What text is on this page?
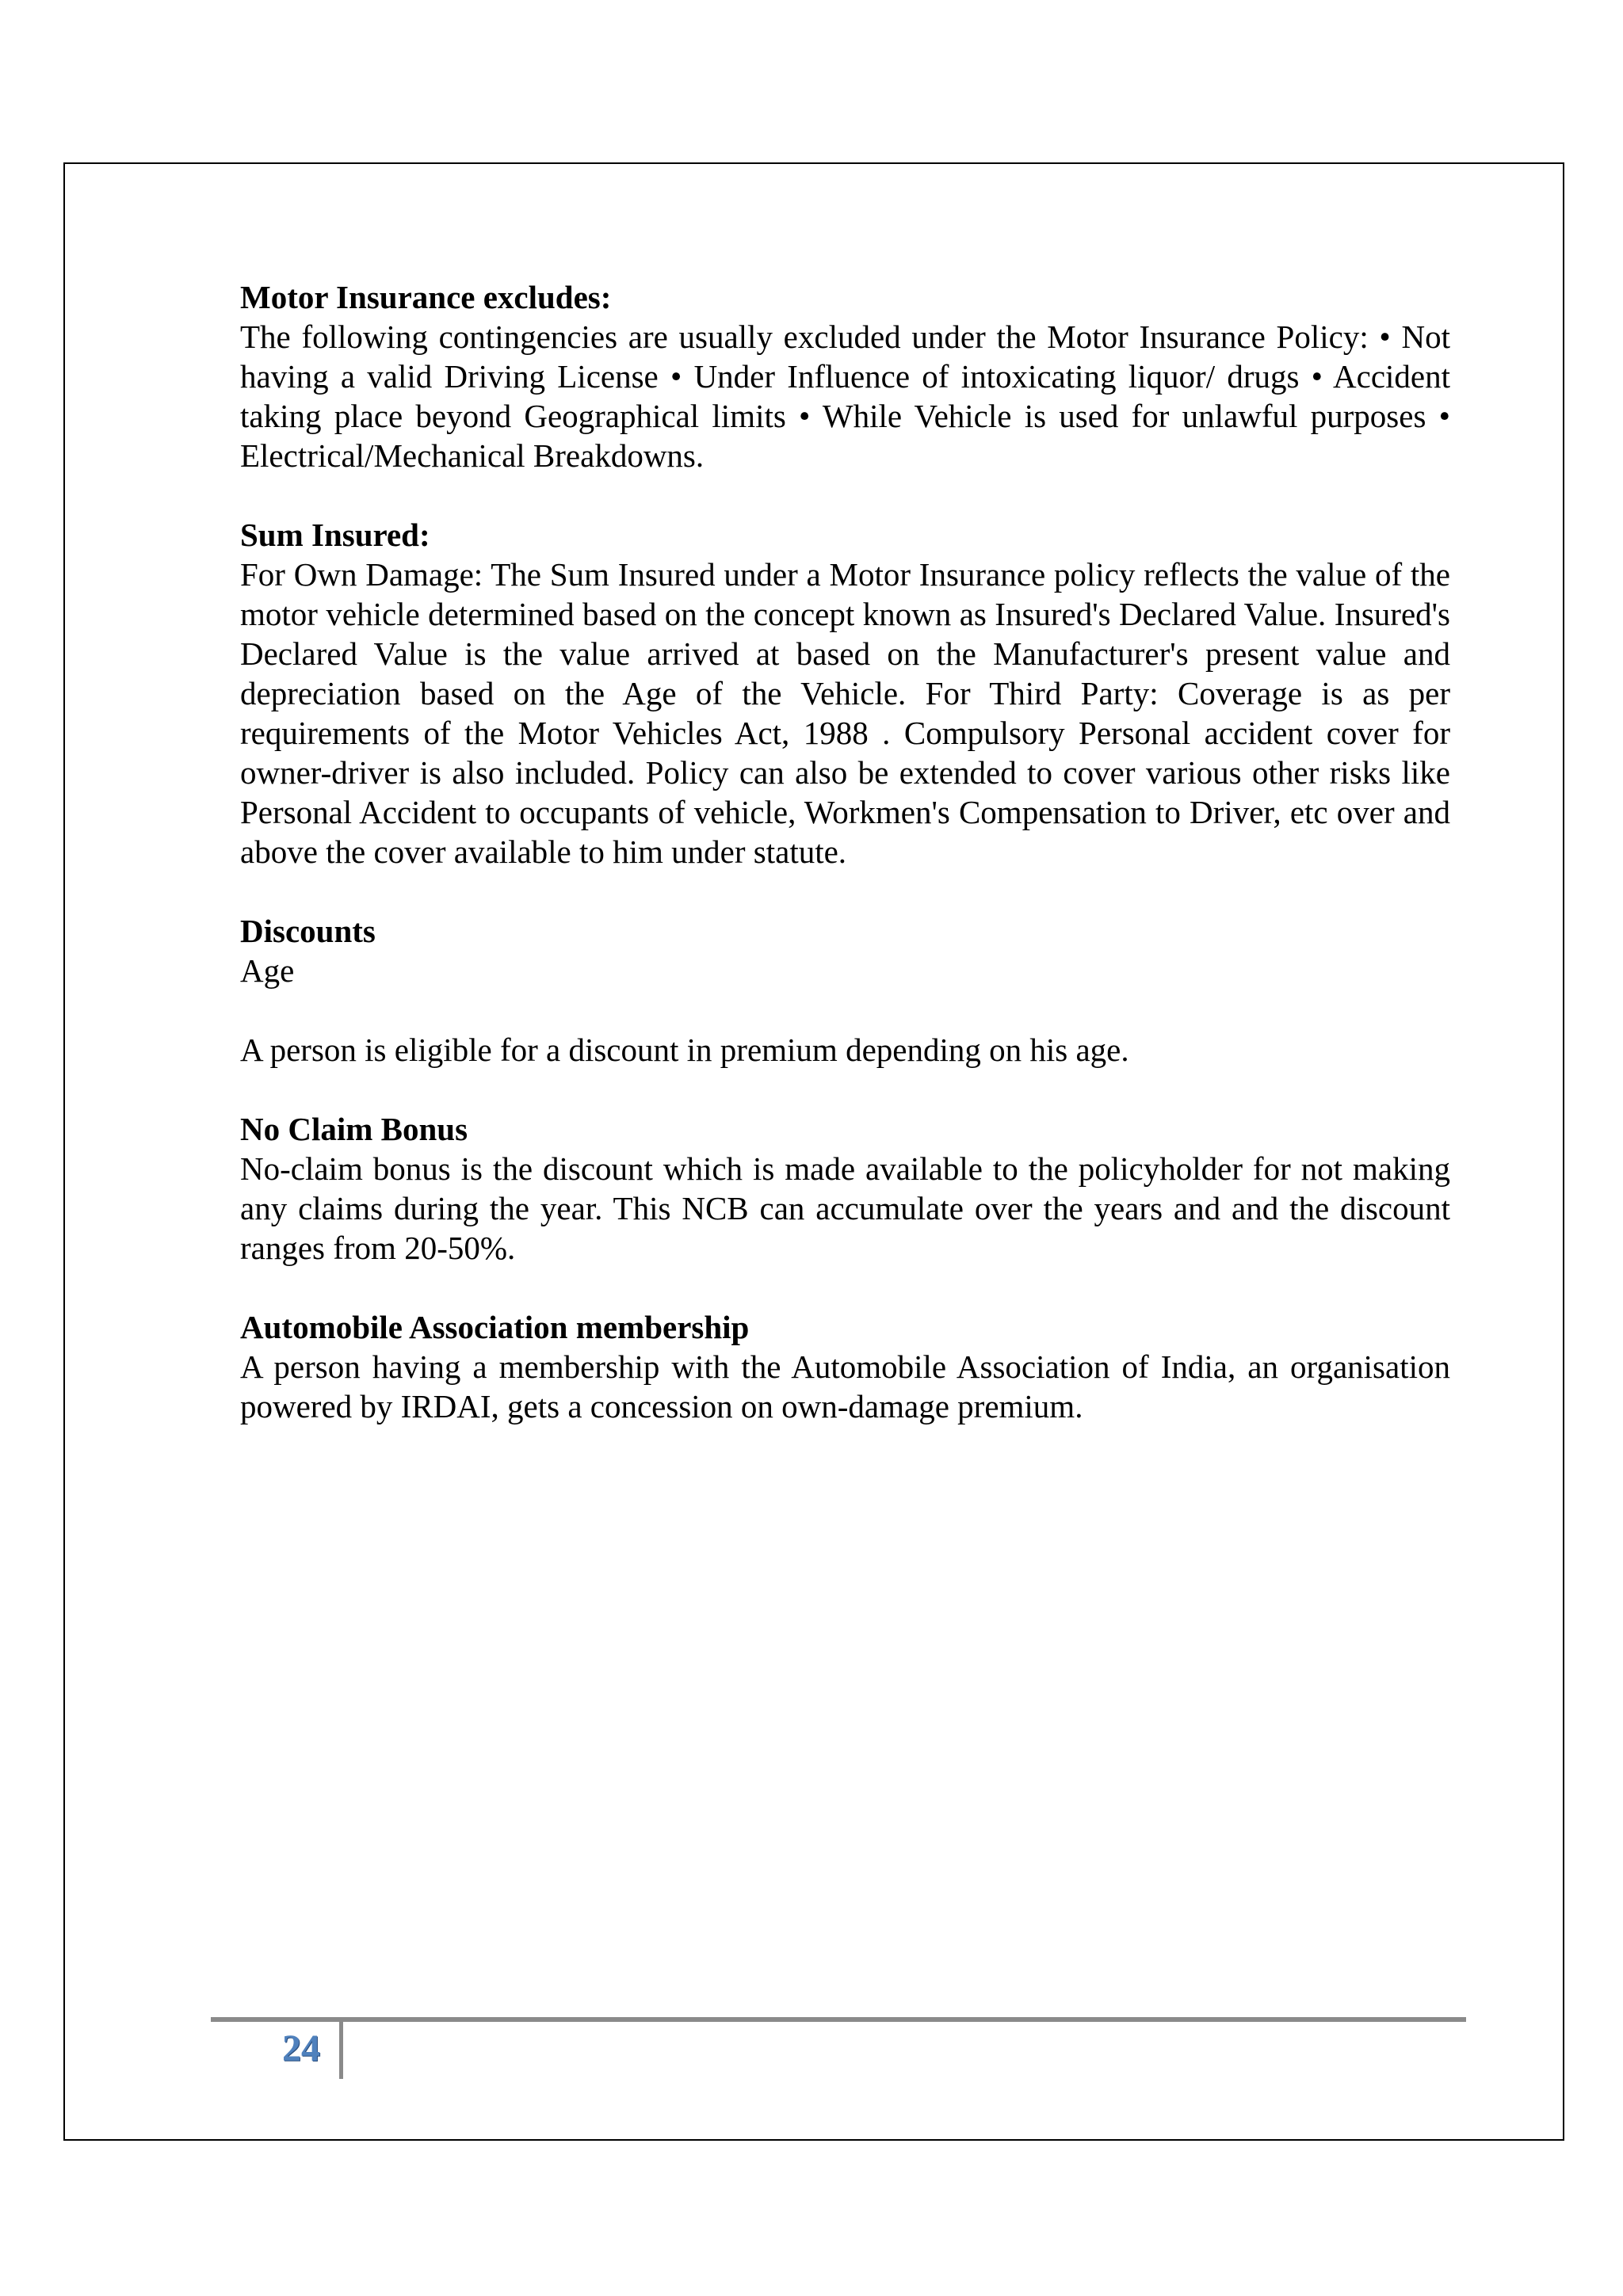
Motor Insurance excludes:
The following contingencies are usually excluded under the Motor Insurance Policy: • Not having a valid Driving License • Under Influence of intoxicating liquor/ drugs • Accident taking place beyond Geographical limits • While Vehicle is used for unlawful purposes • Electrical/Mechanical Breakdowns.
Sum Insured:
For Own Damage: The Sum Insured under a Motor Insurance policy reflects the value of the motor vehicle determined based on the concept known as Insured's Declared Value. Insured's Declared Value is the value arrived at based on the Manufacturer's present value and depreciation based on the Age of the Vehicle. For Third Party: Coverage is as per requirements of the Motor Vehicles Act, 1988 . Compulsory Personal accident cover for owner-driver is also included. Policy can also be extended to cover various other risks like Personal Accident to occupants of vehicle, Workmen's Compensation to Driver, etc over and above the cover available to him under statute.
Discounts
Age
A person is eligible for a discount in premium depending on his age.
No Claim Bonus
No-claim bonus is the discount which is made available to the policyholder for not making any claims during the year. This NCB can accumulate over the years and and the discount ranges from 20-50%.
Automobile Association membership
A person having a membership with the Automobile Association of India, an organisation powered by IRDAI, gets a concession on own-damage premium.
24
